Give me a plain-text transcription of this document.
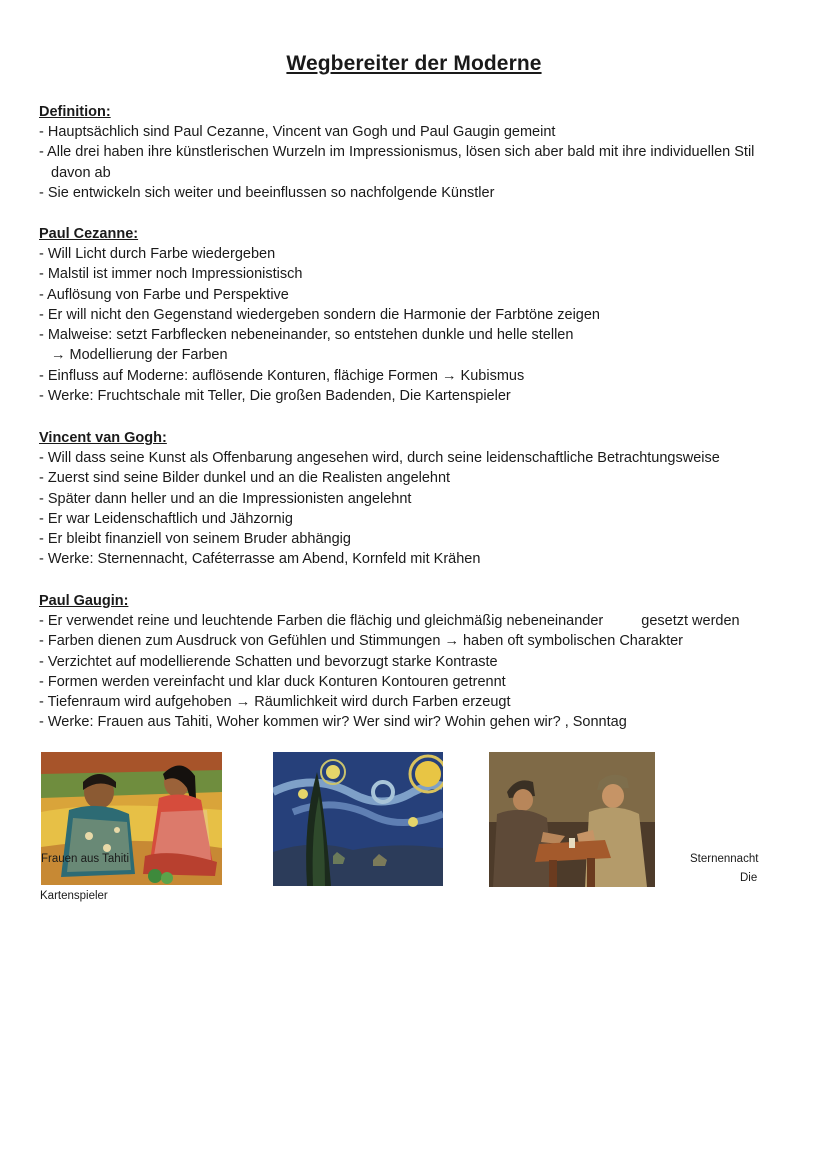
Wegbereiter der Moderne
Definition:
- Hauptsächlich sind Paul Cezanne, Vincent van Gogh und Paul Gaugin gemeint
- Alle drei haben ihre künstlerischen Wurzeln im Impressionismus, lösen sich aber bald mit ihre individuellen Stil
davon ab
- Sie entwickeln sich weiter und beeinflussen so nachfolgende Künstler
Paul Cezanne:
- Will Licht durch Farbe wiedergeben
- Malstil ist immer noch Impressionistisch
- Auflösung von Farbe und Perspektive
- Er will nicht den Gegenstand wiedergeben sondern die Harmonie der Farbtöne zeigen
- Malweise: setzt Farbflecken nebeneinander, so entstehen dunkle und helle stellen
→ Modellierung der Farben
- Einfluss auf Moderne: auflösende Konturen, flächige Formen → Kubismus
- Werke: Fruchtschale mit Teller, Die großen Badenden, Die Kartenspieler
Vincent van Gogh:
- Will dass seine Kunst als Offenbarung angesehen wird, durch seine leidenschaftliche Betrachtungsweise
- Zuerst sind seine Bilder dunkel und an die Realisten angelehnt
- Später dann heller und an die Impressionisten angelehnt
- Er war Leidenschaftlich und Jähzornig
- Er bleibt finanziell von seinem Bruder abhängig
- Werke: Sternennacht, Caféterrasse am Abend, Kornfeld mit Krähen
Paul Gaugin:
- Er verwendet reine und leuchtende Farben die flächig und gleichmäßig nebeneinander	gesetzt werden
- Farben dienen zum Ausdruck von Gefühlen und Stimmungen → haben oft symbolischen Charakter
- Verzichtet auf modellierende Schatten und bevorzugt starke Kontraste
- Formen werden vereinfacht und klar duck Konturen Kontouren getrennt
- Tiefenraum wird aufgehoben → Räumlichkeit wird durch Farben erzeugt
- Werke: Frauen aus Tahiti, Woher kommen wir? Wer sind wir? Wohin gehen wir? , Sonntag
Frauen aus Tahiti	Sternennacht
Die
Kartenspieler
